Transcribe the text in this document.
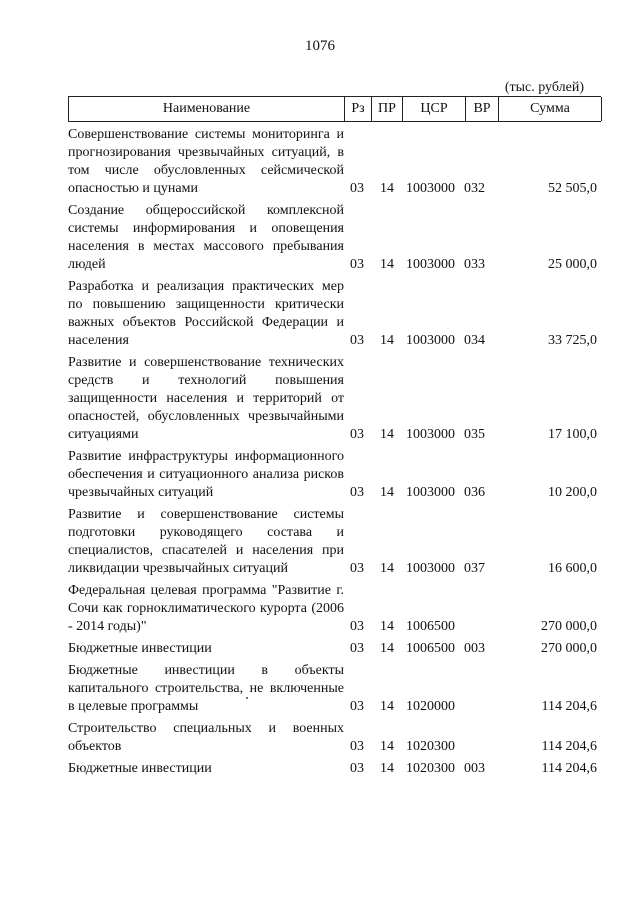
1076
(тыс. рублей)
Наименование	Рз ПР	ЦСР	ВР	Сумма
Совершенствование системы мониторинга и прогнозирования чрезвычайных ситуаций, в том числе обусловленных сейсмической опасностью и цунами	03 14 1003000 032	52 505,0
Создание общероссийской комплексной системы информирования и оповещения населения в местах массового пребывания людей	03 14 1003000 033	25 000,0
Разработка и реализация практических мер по повышению защищенности критически важных объектов Российской Федерации и населения	03 14 1003000 034	33 725,0
Развитие и совершенствование технических средств и технологий повышения защищенности населения и территорий от опасностей, обусловленных чрезвычайными ситуациями	03 14 1003000 035	17 100,0
Развитие инфраструктуры информационного обеспечения и ситуационного анализа рисков чрезвычайных ситуаций	03 14 1003000 036	10 200,0
Развитие и совершенствование системы подготовки руководящего состава и специалистов, спасателей и населения при ликвидации чрезвычайных ситуаций	03 14 1003000 037	16 600,0
Федеральная целевая программа "Развитие г. Сочи как горноклиматического курорта (2006 - 2014 годы)"	03 14 1006500	270 000,0
Бюджетные инвестиции	03 14 1006500 003	270 000,0
Бюджетные инвестиции в объекты капитального строительства, не включенные в целевые программы	03 14 1020000	114 204,6
Строительство специальных и военных объектов	03 14 1020300	114 204,6
Бюджетные инвестиции	03 14 1020300 003	114 204,6
